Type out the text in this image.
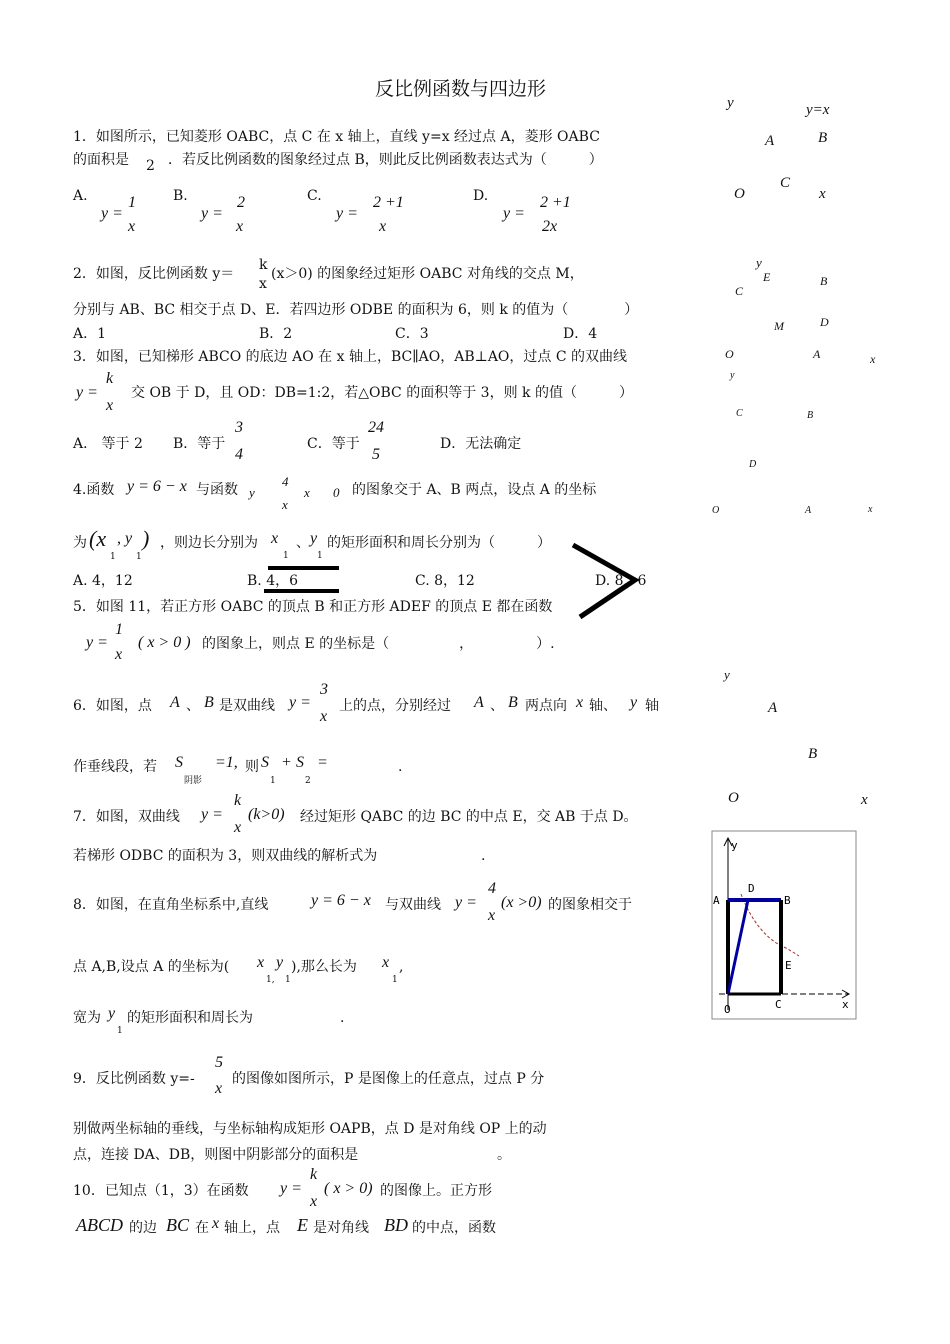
反比例函数与四边形
1．如图所示，已知菱形 OABC，点 C 在 x 轴上，直线 y=x 经过点 A，菱形 OABC
的面积是 2 ．若反比例函数的图象经过点 B，则此反比例函数表达式为（　　　）
A.
y =
1
x
B.
y =
2
x
C.
y =
2 +1
x
D.
y =
2 +1
2x
y	y=x
A	B
O
C
x
2．如图，反比例函数 y＝
k
x
(x＞0) 的图象经过矩形 OABC 对角线的交点 M，
分别与 AB、BC 相交于点 D、E．若四边形 ODBE 的面积为 6，则 k 的值为（　　　　）
A．1	B．2	C．3	D．4
y
E	B
C
M	D
O	A	x
3．如图，已知梯形 ABCO 的底边 AO 在 x 轴上，BC∥AO，AB⊥AO，过点 C 的双曲线
y =
k
x
交 OB 于 D，且 OD：DB=1:2，若△OBC 的面积等于 3，则 k 的值（　　　）
A． 等于 2 B．等于
3
4
C．等于
24
5
D．无法确定
y
C	B
D
O	A	x
4.函数 y = 6 − x 与函数 y
4
x
x 0 的图象交于 A、B 两点，设点 A 的坐标
为 (x
1
, y
1
) ，则边长分别为 x
1
、 y
1
的矩形面积和周长分别为（　　　）
A. 4，12	B. 4，6	C. 8，12	D. 8，6
5．如图 11，若正方形 OABC 的顶点 B 和正方形 ADEF 的顶点 E 都在函数
y =
1
x
( x > 0 ) 的图象上，则点 E 的坐标是（　　　　　，　　　　　）.
6．如图，点 A 、 B 是双曲线 y =
3
x
上的点，分别经过 A 、 B 两点向 x 轴、 y 轴
作垂线段，若 S
阴影
=1, 则 S
1
+ S
2
=	.
y
A
B
O	x
7．如图，双曲线 y =
k
x
(k>0) 经过矩形 QABC 的边 BC 的中点 E，交 AB 于点 D。
若梯形 ODBC 的面积为 3，则双曲线的解析式为	.
y
A
D
B
E
O	C	x
8．如图，在直角坐标系中,直线	y = 6 − x 与双曲线 y =
4
x
(x >0) 的图象相交于
点 A,B,设点 A 的坐标为( x
1,
y
1
),那么长为 x
1
,
宽为 y
1
的矩形面积和周长为	.
9．反比例函数 y=-
5
x
的图像如图所示，P 是图像上的任意点，过点 P 分
别做两坐标轴的垂线，与坐标轴构成矩形 OAPB，点 D 是对角线 OP 上的动
点，连接 DA、DB，则图中阴影部分的面积是	。
10．已知点（1，3）在函数 y =
k
x
( x > 0) 的图像上。正方形
ABCD 的边 BC 在 x 轴上，点 E 是对角线 BD 的中点，函数
